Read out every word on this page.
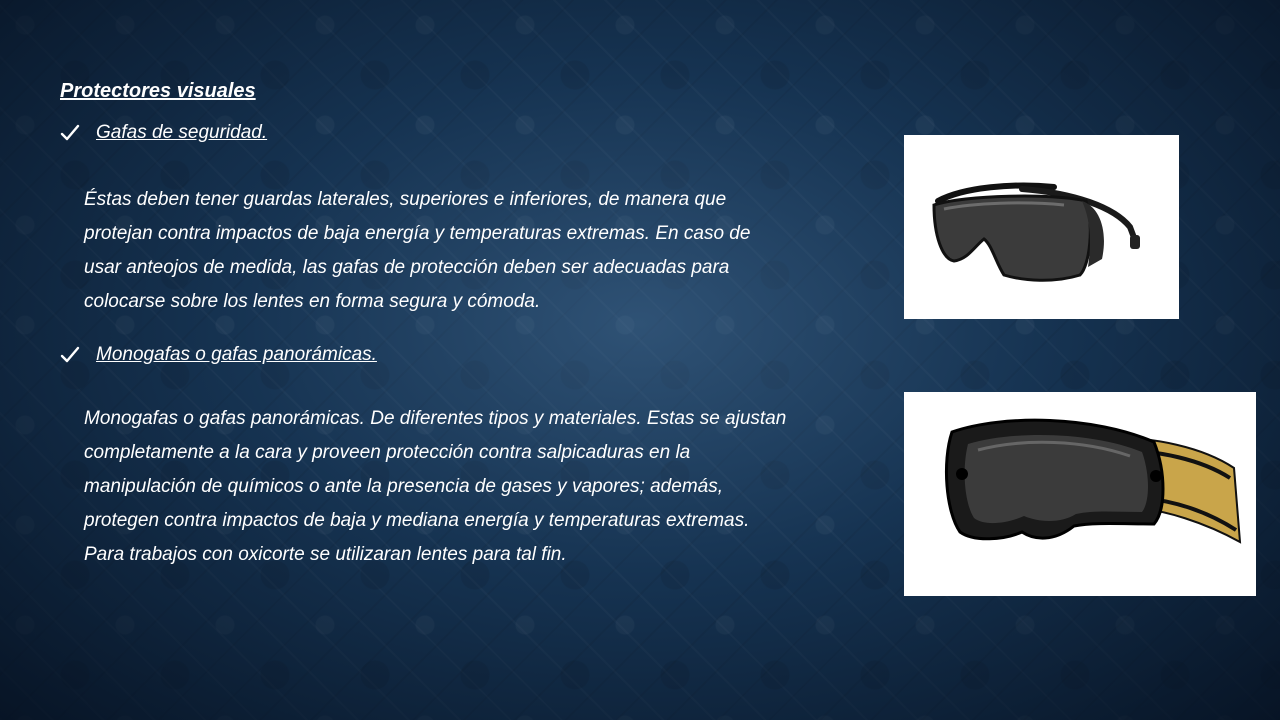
Protectores visuales
Gafas de seguridad.

Éstas deben tener guardas laterales, superiores e inferiores, de manera que
protejan contra impactos de baja energía y temperaturas extremas. En caso de
usar anteojos de medida, las gafas de protección deben ser adecuadas para
colocarse sobre los lentes en forma segura y cómoda.

Monogafas o gafas panorámicas.

Monogafas o gafas panorámicas. De diferentes tipos y materiales. Estas se ajustan
completamente a la cara y proveen protección contra salpicaduras en la
manipulación de químicos o ante la presencia de gases y vapores; además,
protegen contra impactos de baja y mediana energía y temperaturas extremas.
Para trabajos con oxicorte se utilizaran lentes para tal fin.
